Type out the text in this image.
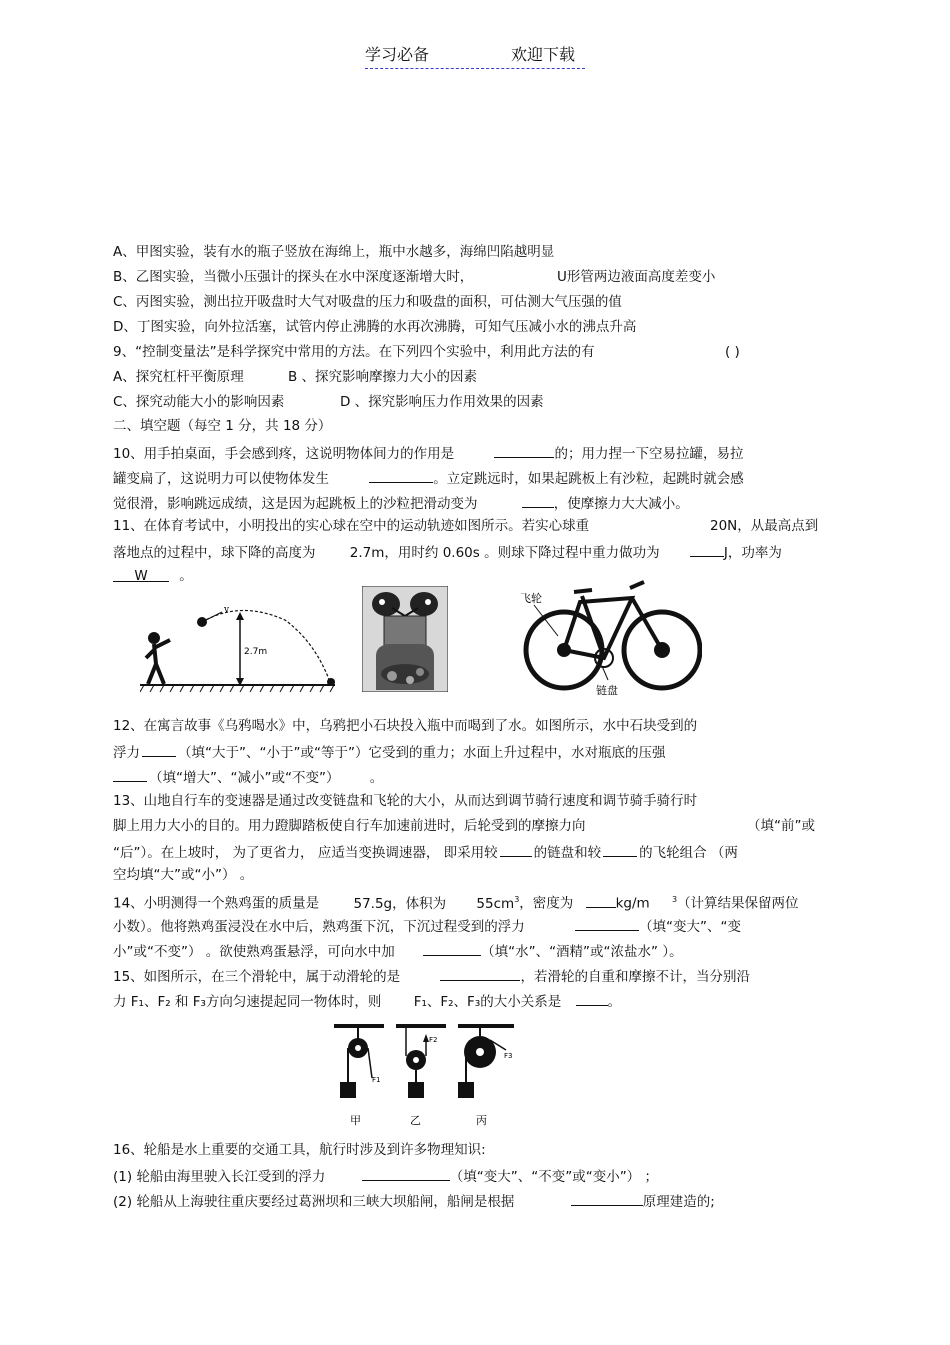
学习必备	欢迎下载
A、甲图实验，装有水的瓶子竖放在海绵上，瓶中水越多，海绵凹陷越明显
B、乙图实验，当微小压强计的探头在水中深度逐渐增大时，	U形管两边液面高度差变小
C、丙图实验，测出拉开吸盘时大气对吸盘的压力和吸盘的面积，可估测大气压强的值
D、丁图实验，向外拉活塞，试管内停止沸腾的水再次沸腾，可知气压减小水的沸点升高
9、“控制变量法”是科学探究中常用的方法。在下列四个实验中，利用此方法的有	( )
A、探究杠杆平衡原理	B 、探究影响摩擦力大小的因素
C、探究动能大小的影响因素	D 、探究影响压力作用效果的因素
二、填空题（每空 1 分，共 18 分）
10、用手拍桌面，手会感到疼，这说明物体间力的作用是	的；用力捏一下空易拉罐，易拉
罐变扁了，这说明力可以使物体发生	。立定跳远时，如果起跳板上有沙粒，起跳时就会感
觉很滑，影响跳远成绩，这是因为起跳板上的沙粒把滑动变为	，使摩擦力大大减小。
11、在体育考试中，小明投出的实心球在空中的运动轨迹如图所示。若实心球重	20N，从最高点到
落地点的过程中，球下降的高度为	2.7m，用时约 0.60s 。则球下降过程中重力做功为	J，功率为
W 。
v
2.7m
飞轮
链盘
12、在寓言故事《乌鸦喝水》中，乌鸦把小石块投入瓶中而喝到了水。如图所示，水中石块受到的
浮力	（填“大于”、“小于”或“等于”）它受到的重力；水面上升过程中，水对瓶底的压强
（填“增大”、“减小”或“不变”） 。
13、山地自行车的变速器是通过改变链盘和飞轮的大小，从而达到调节骑行速度和调节骑手骑行时
脚上用力大小的目的。用力蹬脚踏板使自行车加速前进时，后轮受到的摩擦力向	（填“前”或
“后”）。在上坡时， 为了更省力， 应适当变换调速器， 即采用较	的链盘和较	的飞轮组合 （两
空均填“大”或“小”） 。
14、小明测得一个熟鸡蛋的质量是	57.5g，体积为 $55cm^3$，密度为	kg/m	$^3$（计算结果保留两位
小数）。他将熟鸡蛋浸没在水中后，熟鸡蛋下沉，下沉过程受到的浮力	（填“变大”、“变
小”或“不变”） 。欲使熟鸡蛋悬浮，可向水中加	（填“水”、“酒精”或“浓盐水” ）。
15、如图所示，在三个滑轮中，属于动滑轮的是	，若滑轮的自重和摩擦不计，当分别沿
力 F₁、F₂ 和 F₃方向匀速提起同一物体时，则 F₁、F₂、F₃的大小关系是	。
F1
甲
F2
乙
F3
丙
16、轮船是水上重要的交通工具，航行时涉及到许多物理知识:
(1) 轮船由海里驶入长江受到的浮力	（填“变大”、“不变”或“变小”） ；
(2) 轮船从上海驶往重庆要经过葛洲坝和三峡大坝船闸，船闸是根据	原理建造的;
